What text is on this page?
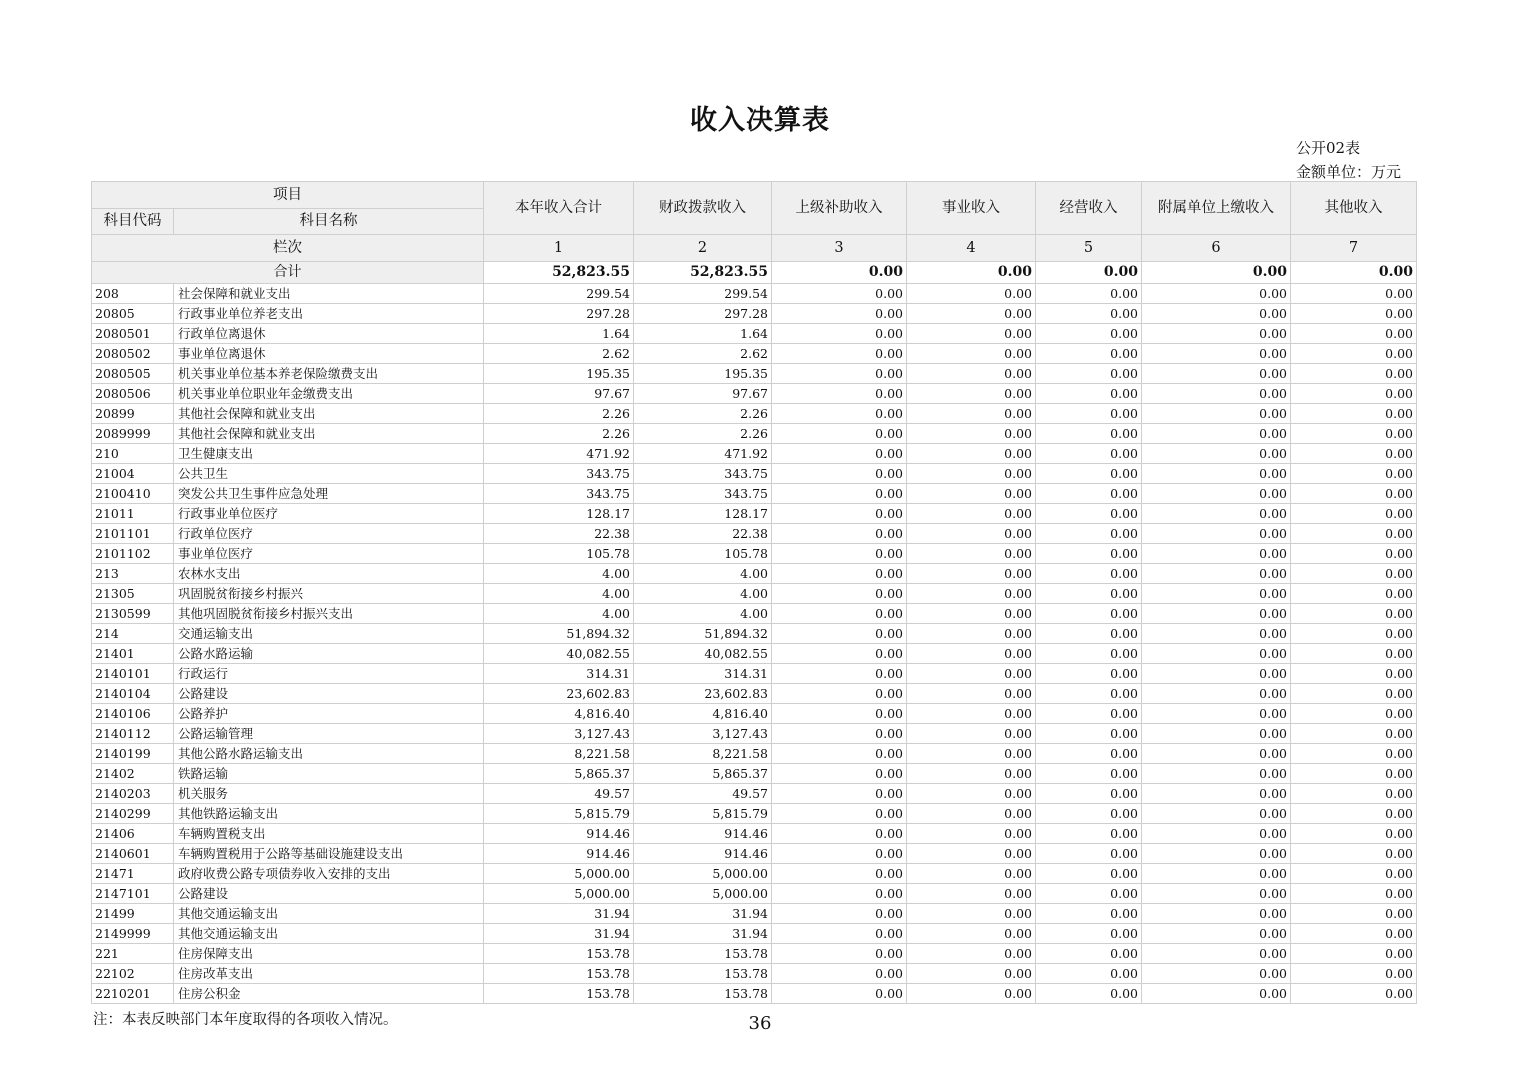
收入决算表
公开02表
金额单位：万元
项目		本年收入合计	财政拨款收入	上级补助收入	事业收入	经营收入	附属单位上缴收入	其他收入
科目代码	科目名称							
栏次		1	2	3	4	5	6	7
合计		52,823.55	52,823.55	0.00	0.00	0.00	0.00	0.00
208	社会保障和就业支出	299.54	299.54	0.00	0.00	0.00	0.00	0.00
20805	行政事业单位养老支出	297.28	297.28	0.00	0.00	0.00	0.00	0.00
2080501	行政单位离退休	1.64	1.64	0.00	0.00	0.00	0.00	0.00
2080502	事业单位离退休	2.62	2.62	0.00	0.00	0.00	0.00	0.00
2080505	机关事业单位基本养老保险缴费支出	195.35	195.35	0.00	0.00	0.00	0.00	0.00
2080506	机关事业单位职业年金缴费支出	97.67	97.67	0.00	0.00	0.00	0.00	0.00
20899	其他社会保障和就业支出	2.26	2.26	0.00	0.00	0.00	0.00	0.00
2089999	其他社会保障和就业支出	2.26	2.26	0.00	0.00	0.00	0.00	0.00
210	卫生健康支出	471.92	471.92	0.00	0.00	0.00	0.00	0.00
21004	公共卫生	343.75	343.75	0.00	0.00	0.00	0.00	0.00
2100410	突发公共卫生事件应急处理	343.75	343.75	0.00	0.00	0.00	0.00	0.00
21011	行政事业单位医疗	128.17	128.17	0.00	0.00	0.00	0.00	0.00
2101101	行政单位医疗	22.38	22.38	0.00	0.00	0.00	0.00	0.00
2101102	事业单位医疗	105.78	105.78	0.00	0.00	0.00	0.00	0.00
213	农林水支出	4.00	4.00	0.00	0.00	0.00	0.00	0.00
21305	巩固脱贫衔接乡村振兴	4.00	4.00	0.00	0.00	0.00	0.00	0.00
2130599	其他巩固脱贫衔接乡村振兴支出	4.00	4.00	0.00	0.00	0.00	0.00	0.00
214	交通运输支出	51,894.32	51,894.32	0.00	0.00	0.00	0.00	0.00
21401	公路水路运输	40,082.55	40,082.55	0.00	0.00	0.00	0.00	0.00
2140101	行政运行	314.31	314.31	0.00	0.00	0.00	0.00	0.00
2140104	公路建设	23,602.83	23,602.83	0.00	0.00	0.00	0.00	0.00
2140106	公路养护	4,816.40	4,816.40	0.00	0.00	0.00	0.00	0.00
2140112	公路运输管理	3,127.43	3,127.43	0.00	0.00	0.00	0.00	0.00
2140199	其他公路水路运输支出	8,221.58	8,221.58	0.00	0.00	0.00	0.00	0.00
21402	铁路运输	5,865.37	5,865.37	0.00	0.00	0.00	0.00	0.00
2140203	机关服务	49.57	49.57	0.00	0.00	0.00	0.00	0.00
2140299	其他铁路运输支出	5,815.79	5,815.79	0.00	0.00	0.00	0.00	0.00
21406	车辆购置税支出	914.46	914.46	0.00	0.00	0.00	0.00	0.00
2140601	车辆购置税用于公路等基础设施建设支出	914.46	914.46	0.00	0.00	0.00	0.00	0.00
21471	政府收费公路专项债券收入安排的支出	5,000.00	5,000.00	0.00	0.00	0.00	0.00	0.00
2147101	公路建设	5,000.00	5,000.00	0.00	0.00	0.00	0.00	0.00
21499	其他交通运输支出	31.94	31.94	0.00	0.00	0.00	0.00	0.00
2149999	其他交通运输支出	31.94	31.94	0.00	0.00	0.00	0.00	0.00
221	住房保障支出	153.78	153.78	0.00	0.00	0.00	0.00	0.00
22102	住房改革支出	153.78	153.78	0.00	0.00	0.00	0.00	0.00
2210201	住房公积金	153.78	153.78	0.00	0.00	0.00	0.00	0.00
注：本表反映部门本年度取得的各项收入情况。	36
